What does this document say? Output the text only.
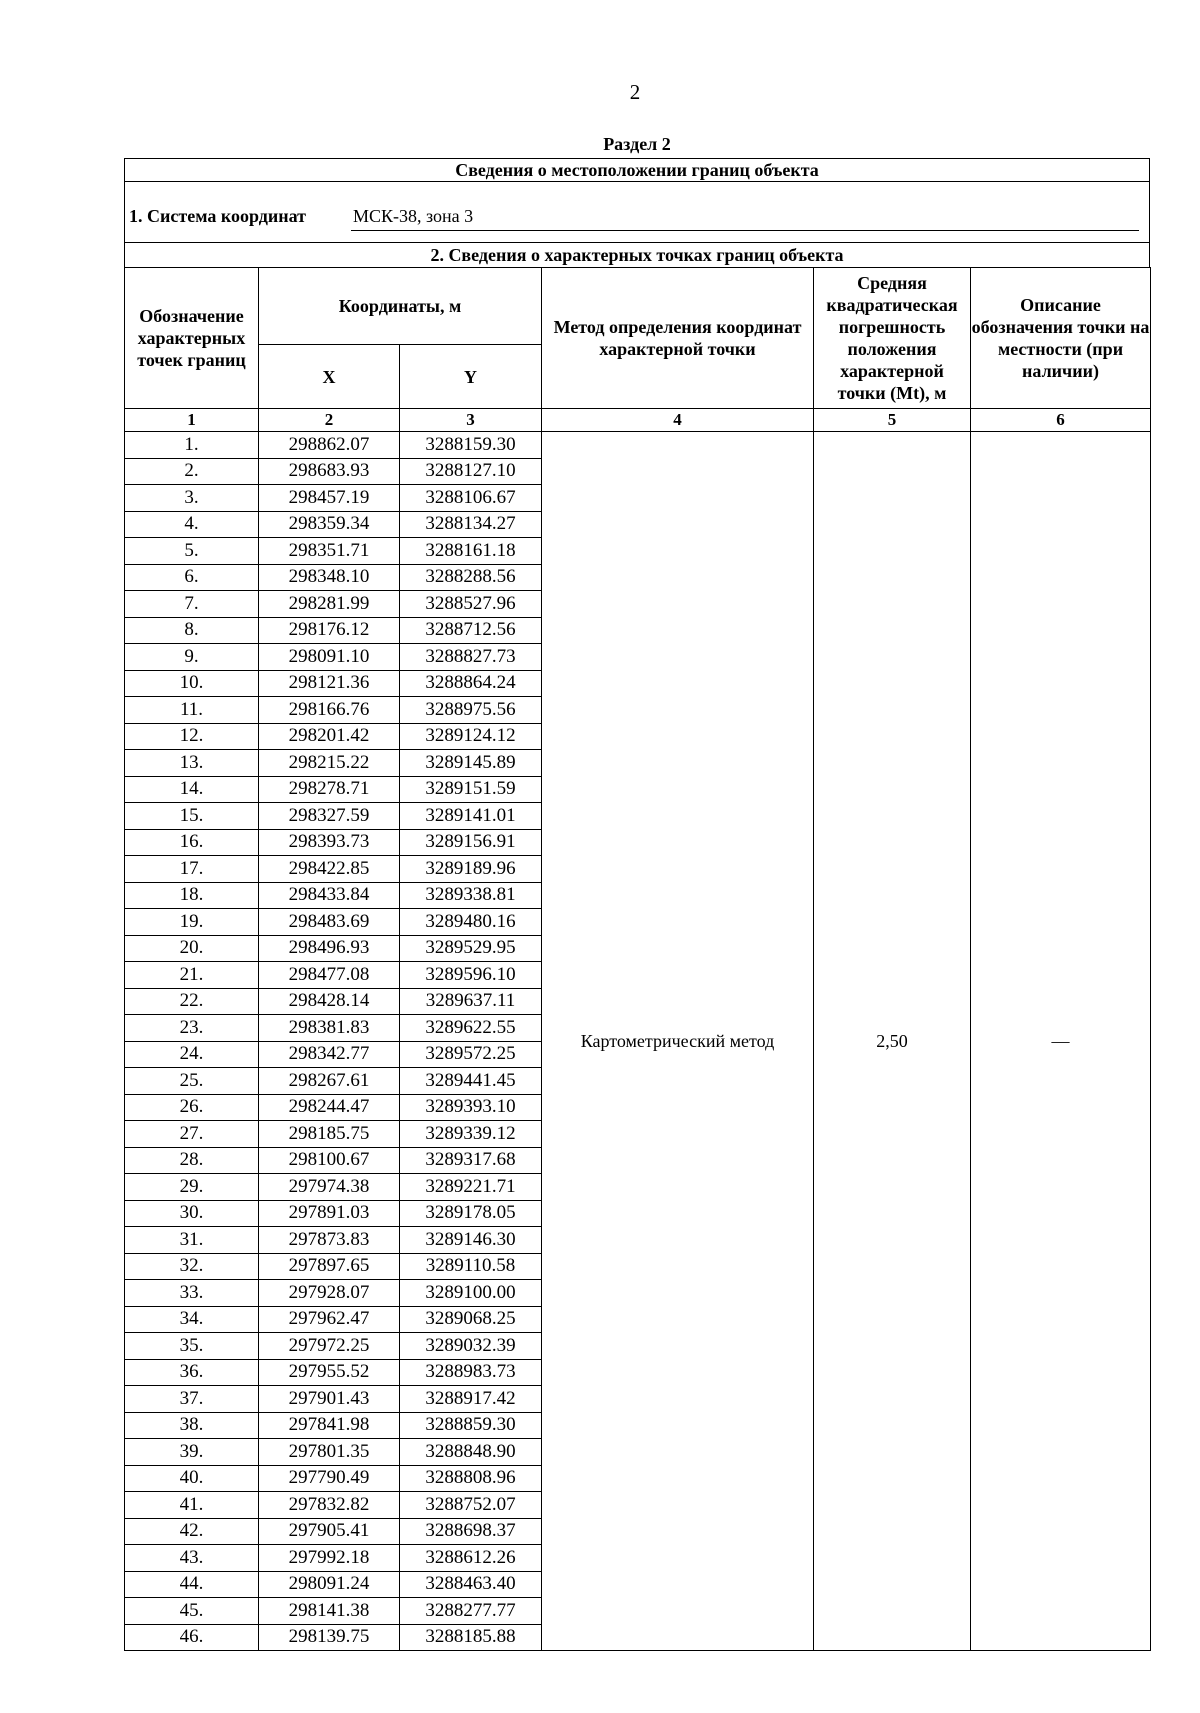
2
Раздел 2
Сведения о местоположении границ объекта
1. Система координат	МСК-38, зона 3
2. Сведения о характерных точках границ объекта
Обозначение характерных точек границ	Координаты, м		Метод определения координат характерной точки	Средняя квадратическая погрешность положения характерной точки (Mt), м	Описание обозначения точки на местности (при наличии)
	X	Y			
1	2	3	4	5	6
1.	298862.07	3288159.30	Картометрический метод	2,50	—
2.	298683.93	3288127.10			
3.	298457.19	3288106.67			
4.	298359.34	3288134.27			
5.	298351.71	3288161.18			
6.	298348.10	3288288.56			
7.	298281.99	3288527.96			
8.	298176.12	3288712.56			
9.	298091.10	3288827.73			
10.	298121.36	3288864.24			
11.	298166.76	3288975.56			
12.	298201.42	3289124.12			
13.	298215.22	3289145.89			
14.	298278.71	3289151.59			
15.	298327.59	3289141.01			
16.	298393.73	3289156.91			
17.	298422.85	3289189.96			
18.	298433.84	3289338.81			
19.	298483.69	3289480.16			
20.	298496.93	3289529.95			
21.	298477.08	3289596.10			
22.	298428.14	3289637.11			
23.	298381.83	3289622.55			
24.	298342.77	3289572.25			
25.	298267.61	3289441.45			
26.	298244.47	3289393.10			
27.	298185.75	3289339.12			
28.	298100.67	3289317.68			
29.	297974.38	3289221.71			
30.	297891.03	3289178.05			
31.	297873.83	3289146.30			
32.	297897.65	3289110.58			
33.	297928.07	3289100.00			
34.	297962.47	3289068.25			
35.	297972.25	3289032.39			
36.	297955.52	3288983.73			
37.	297901.43	3288917.42			
38.	297841.98	3288859.30			
39.	297801.35	3288848.90			
40.	297790.49	3288808.96			
41.	297832.82	3288752.07			
42.	297905.41	3288698.37			
43.	297992.18	3288612.26			
44.	298091.24	3288463.40			
45.	298141.38	3288277.77			
46.	298139.75	3288185.88			
